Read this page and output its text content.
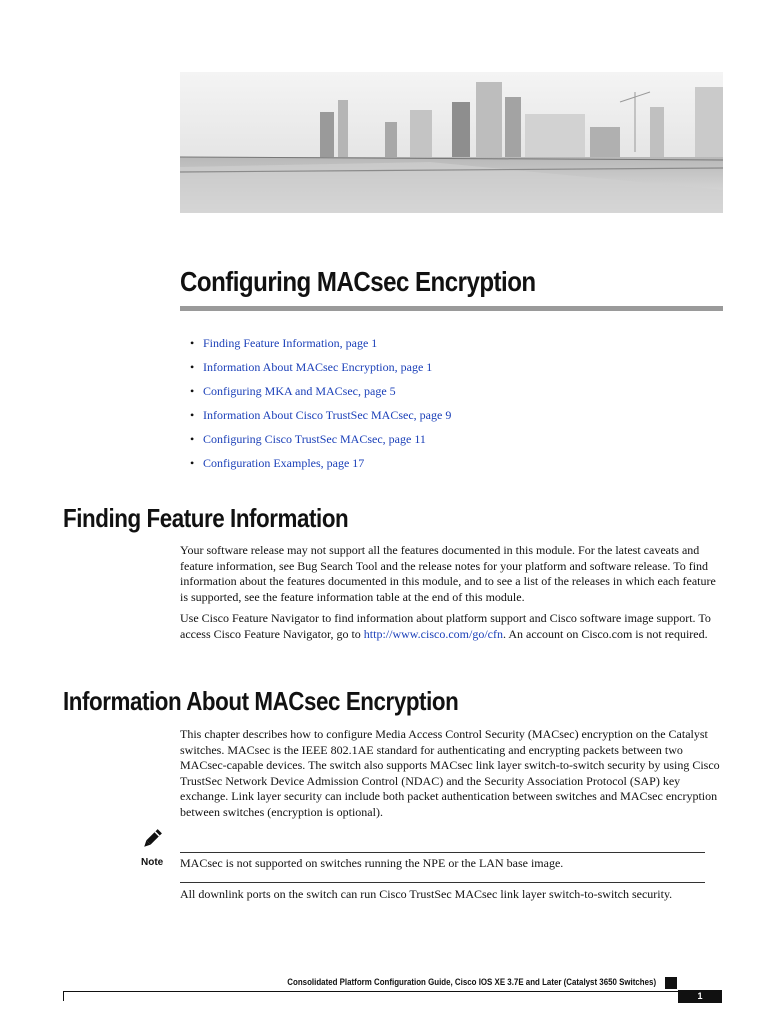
Configuring MACsec Encryption
• Finding Feature Information, page 1
• Information About MACsec Encryption, page 1
• Configuring MKA and MACsec, page 5
• Information About Cisco TrustSec MACsec, page 9
• Configuring Cisco TrustSec MACsec, page 11
• Configuration Examples, page 17
Finding Feature Information

Your software release may not support all the features documented in this module. For the latest caveats and feature information, see Bug Search Tool and the release notes for your platform and software release. To find information about the features documented in this module, and to see a list of the releases in which each feature is supported, see the feature information table at the end of this module.

Use Cisco Feature Navigator to find information about platform support and Cisco software image support. To access Cisco Feature Navigator, go to http://www.cisco.com/go/cfn. An account on Cisco.com is not required.

Information About MACsec Encryption

This chapter describes how to configure Media Access Control Security (MACsec) encryption on the Catalyst switches. MACsec is the IEEE 802.1AE standard for authenticating and encrypting packets between two MACsec-capable devices. The switch also supports MACsec link layer switch-to-switch security by using Cisco TrustSec Network Device Admission Control (NDAC) and the Security Association Protocol (SAP) key exchange. Link layer security can include both packet authentication between switches and MACsec encryption between switches (encryption is optional).

Note MACsec is not supported on switches running the NPE or the LAN base image.

All downlink ports on the switch can run Cisco TrustSec MACsec link layer switch-to-switch security.

Consolidated Platform Configuration Guide, Cisco IOS XE 3.7E and Later (Catalyst 3650 Switches)
1
